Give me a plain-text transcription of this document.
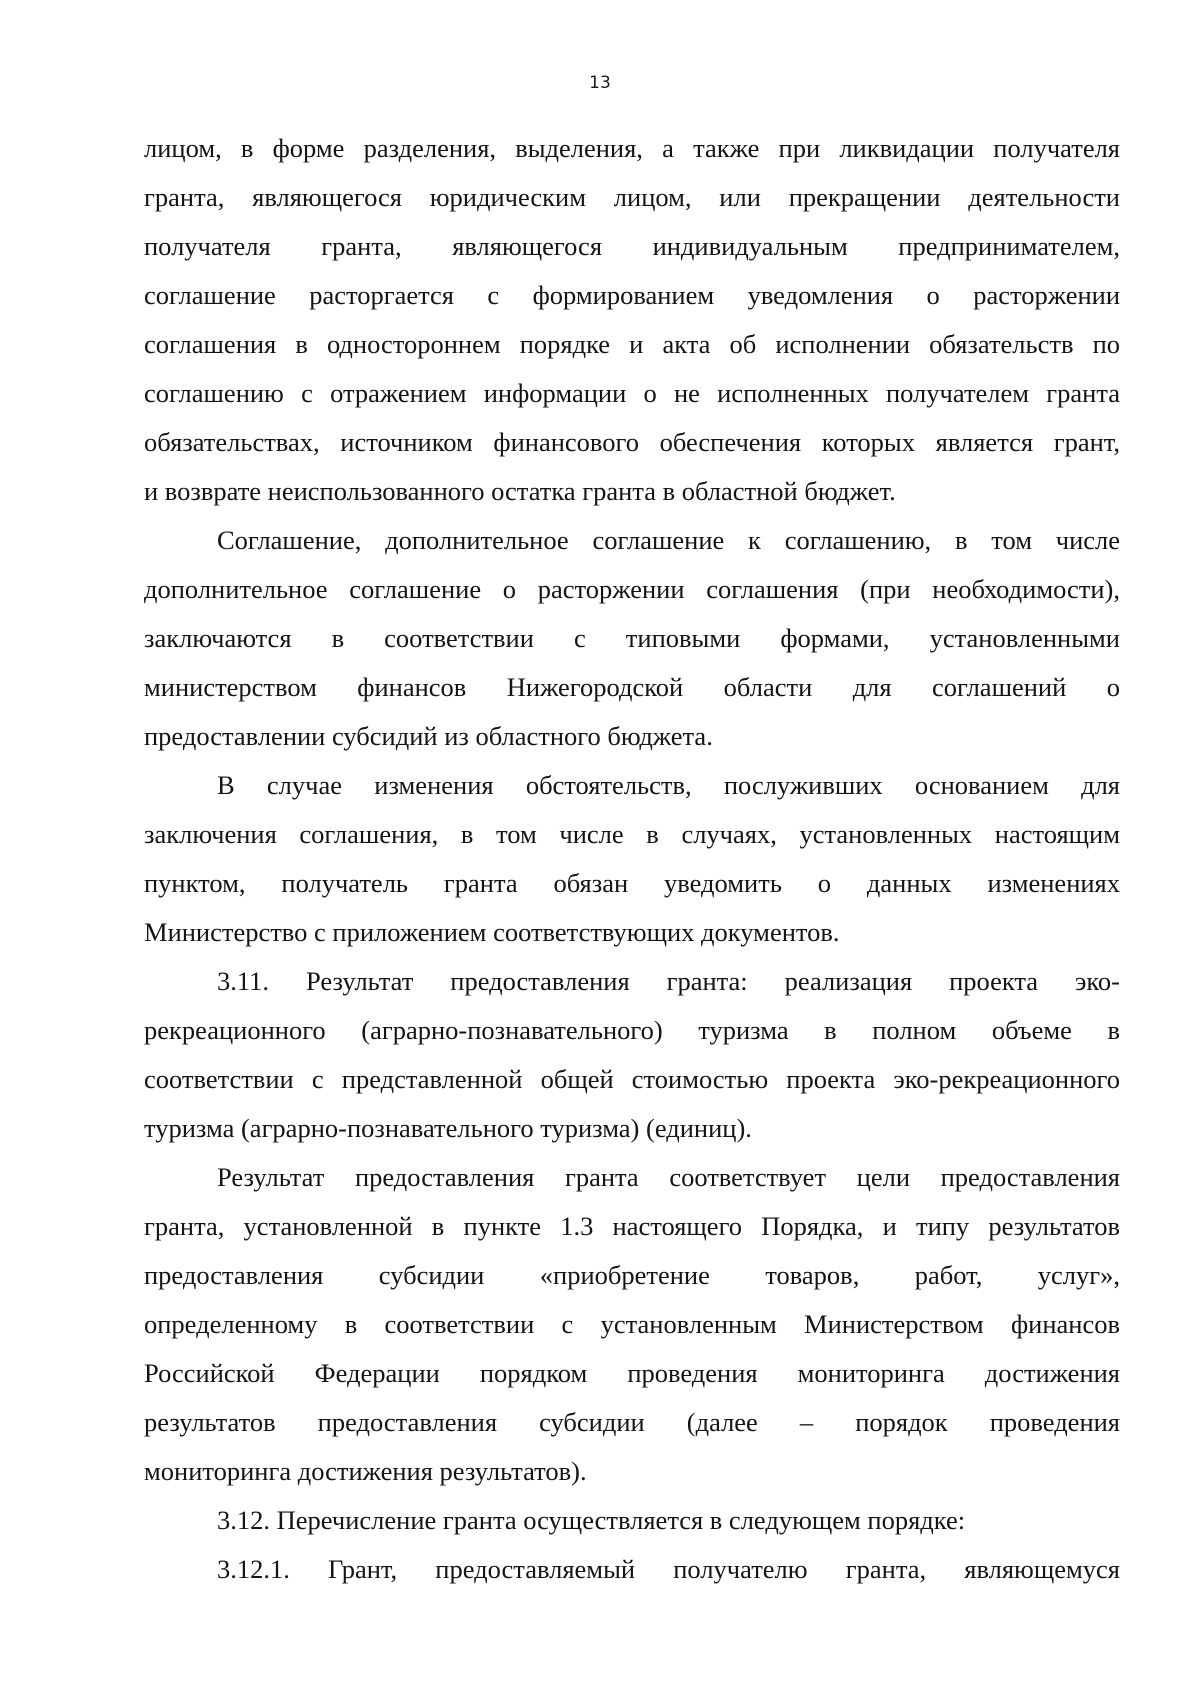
13
лицом, в форме разделения, выделения, а также при ликвидации получателя
гранта, являющегося юридическим лицом, или прекращении деятельности
получателя гранта, являющегося индивидуальным предпринимателем,
соглашение расторгается с формированием уведомления о расторжении
соглашения в одностороннем порядке и акта об исполнении обязательств по
соглашению с отражением информации о не исполненных получателем гранта
обязательствах, источником финансового обеспечения которых является грант,
и возврате неиспользованного остатка гранта в областной бюджет.
Соглашение, дополнительное соглашение к соглашению, в том числе
дополнительное соглашение о расторжении соглашения (при необходимости),
заключаются в соответствии с типовыми формами, установленными
министерством финансов Нижегородской области для соглашений о
предоставлении субсидий из областного бюджета.
В случае изменения обстоятельств, послуживших основанием для
заключения соглашения, в том числе в случаях, установленных настоящим
пунктом, получатель гранта обязан уведомить о данных изменениях
Министерство с приложением соответствующих документов.
3.11. Результат предоставления гранта: реализация проекта эко-
рекреационного (аграрно-познавательного) туризма в полном объеме в
соответствии с представленной общей стоимостью проекта эко-рекреационного
туризма (аграрно-познавательного туризма) (единиц).
Результат предоставления гранта соответствует цели предоставления
гранта, установленной в пункте 1.3 настоящего Порядка, и типу результатов
предоставления субсидии «приобретение товаров, работ, услуг»,
определенному в соответствии с установленным Министерством финансов
Российской Федерации порядком проведения мониторинга достижения
результатов предоставления субсидии (далее – порядок проведения
мониторинга достижения результатов).
3.12. Перечисление гранта осуществляется в следующем порядке:
3.12.1. Грант, предоставляемый получателю гранта, являющемуся
